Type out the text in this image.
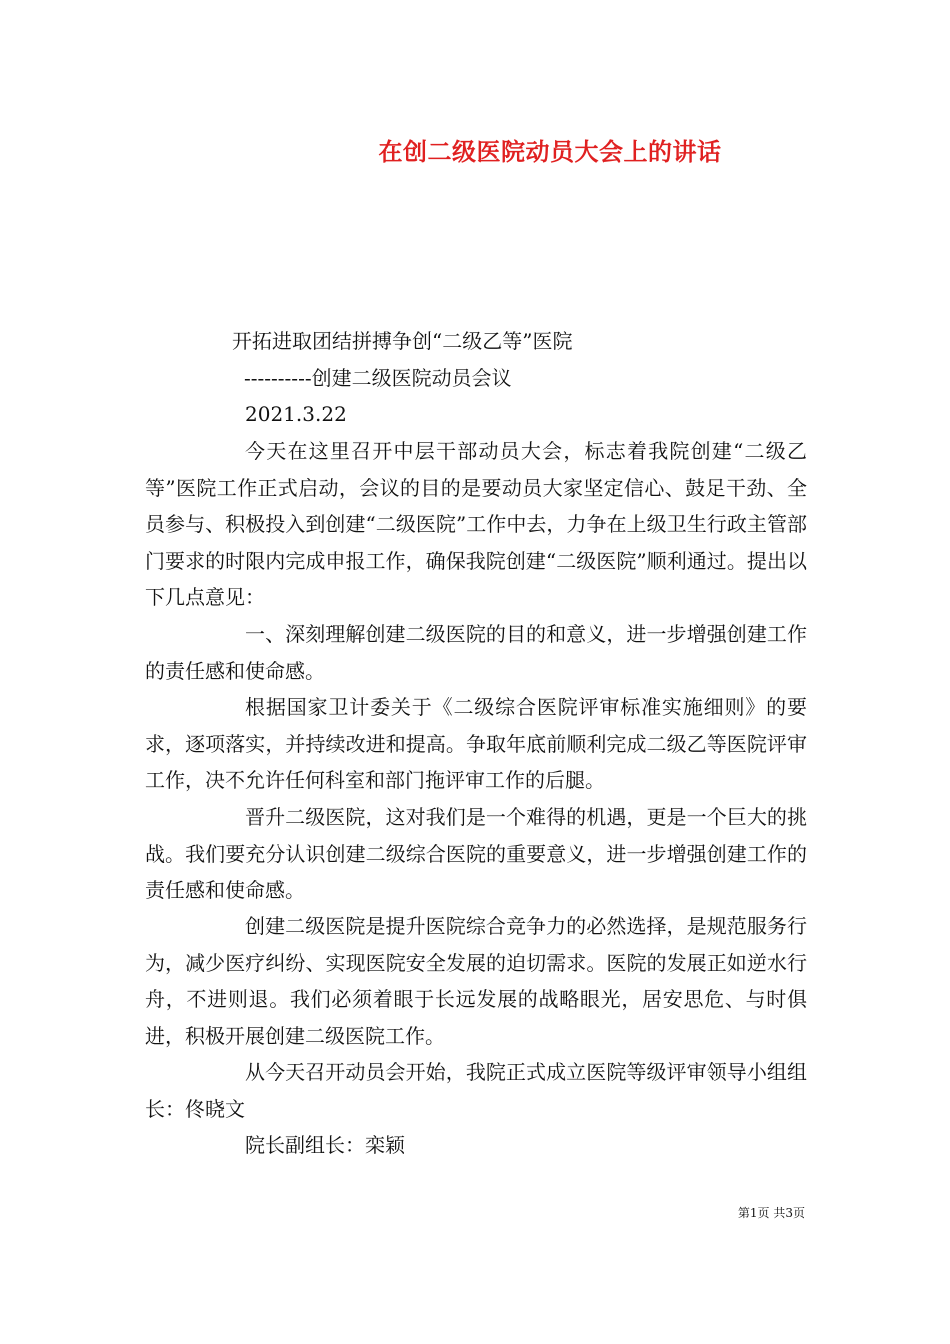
在创二级医院动员大会上的讲话
开拓进取团结拼搏争创“二级乙等”医院
----------创建二级医院动员会议
2021.3.22

今天在这里召开中层干部动员大会，标志着我院创建“二级乙等”医院工作正式启动，会议的目的是要动员大家坚定信心、鼓足干劲、全员参与、积极投入到创建“二级医院”工作中去，力争在上级卫生行政主管部门要求的时限内完成申报工作，确保我院创建“二级医院”顺利通过。提出以下几点意见：

一、深刻理解创建二级医院的目的和意义，进一步增强创建工作的责任感和使命感。

根据国家卫计委关于《二级综合医院评审标准实施细则》的要求，逐项落实，并持续改进和提高。争取年底前顺利完成二级乙等医院评审工作，决不允许任何科室和部门拖评审工作的后腿。

晋升二级医院，这对我们是一个难得的机遇，更是一个巨大的挑战。我们要充分认识创建二级综合医院的重要意义，进一步增强创建工作的责任感和使命感。

创建二级医院是提升医院综合竞争力的必然选择，是规范服务行为，减少医疗纠纷、实现医院安全发展的迫切需求。医院的发展正如逆水行舟，不进则退。我们必须着眼于长远发展的战略眼光，居安思危、与时俱进，积极开展创建二级医院工作。

从今天召开动员会开始，我院正式成立医院等级评审领导小组组长：佟晓文

院长副组长：栾颖

第1页 共3页
